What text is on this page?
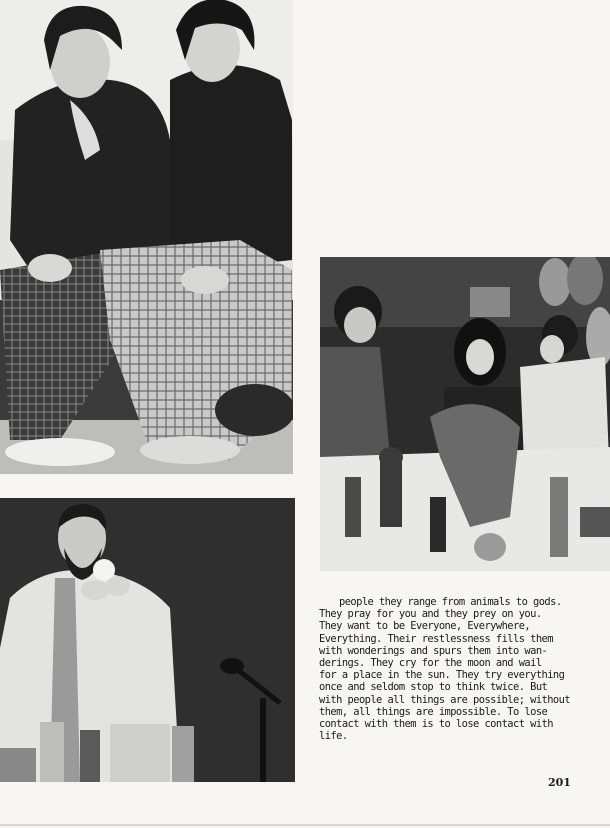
people they range from animals to gods.
They pray for you and they prey on you.
They want to be Everyone, Everywhere,
Everything. Their restlessness fills them
with wonderings and spurs them into wan-
derings. They cry for the moon and wail
for a place in the sun. They try everything
once and seldom stop to think twice. But
with people all things are possible; without
them, all things are impossible. To lose
contact with them is to lose contact with
life.

201
